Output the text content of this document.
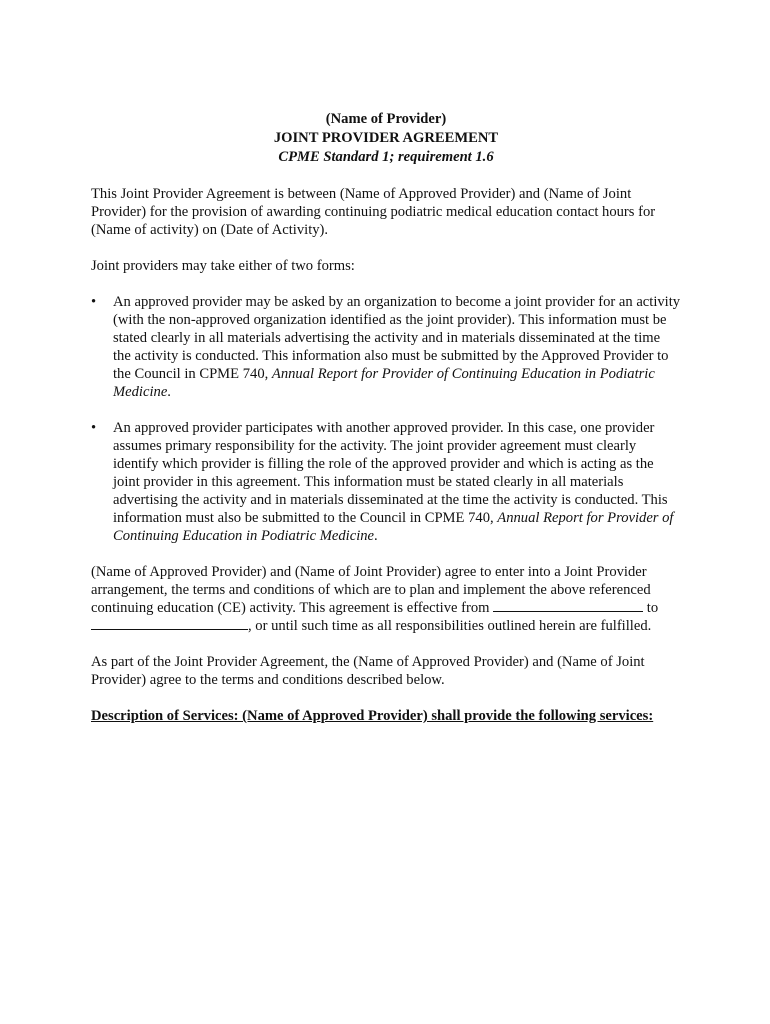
(Name of Provider)
JOINT PROVIDER AGREEMENT
CPME Standard 1; requirement 1.6

This Joint Provider Agreement is between (Name of Approved Provider) and (Name of Joint Provider) for the provision of awarding continuing podiatric medical education contact hours for (Name of activity) on (Date of Activity).

Joint providers may take either of two forms:

• An approved provider may be asked by an organization to become a joint provider for an activity (with the non-approved organization identified as the joint provider). This information must be stated clearly in all materials advertising the activity and in materials disseminated at the time the activity is conducted. This information also must be submitted by the Approved Provider to the Council in CPME 740, Annual Report for Provider of Continuing Education in Podiatric Medicine.
• An approved provider participates with another approved provider. In this case, one provider assumes primary responsibility for the activity. The joint provider agreement must clearly identify which provider is filling the role of the approved provider and which is acting as the joint provider in this agreement. This information must be stated clearly in all materials advertising the activity and in materials disseminated at the time the activity is conducted. This information must also be submitted to the Council in CPME 740, Annual Report for Provider of Continuing Education in Podiatric Medicine.

(Name of Approved Provider) and (Name of Joint Provider) agree to enter into a Joint Provider arrangement, the terms and conditions of which are to plan and implement the above referenced continuing education (CE) activity. This agreement is effective from	to , or until such time as all responsibilities outlined herein are fulfilled.

As part of the Joint Provider Agreement, the (Name of Approved Provider) and (Name of Joint Provider) agree to the terms and conditions described below.

Description of Services: (Name of Approved Provider) shall provide the following services:
